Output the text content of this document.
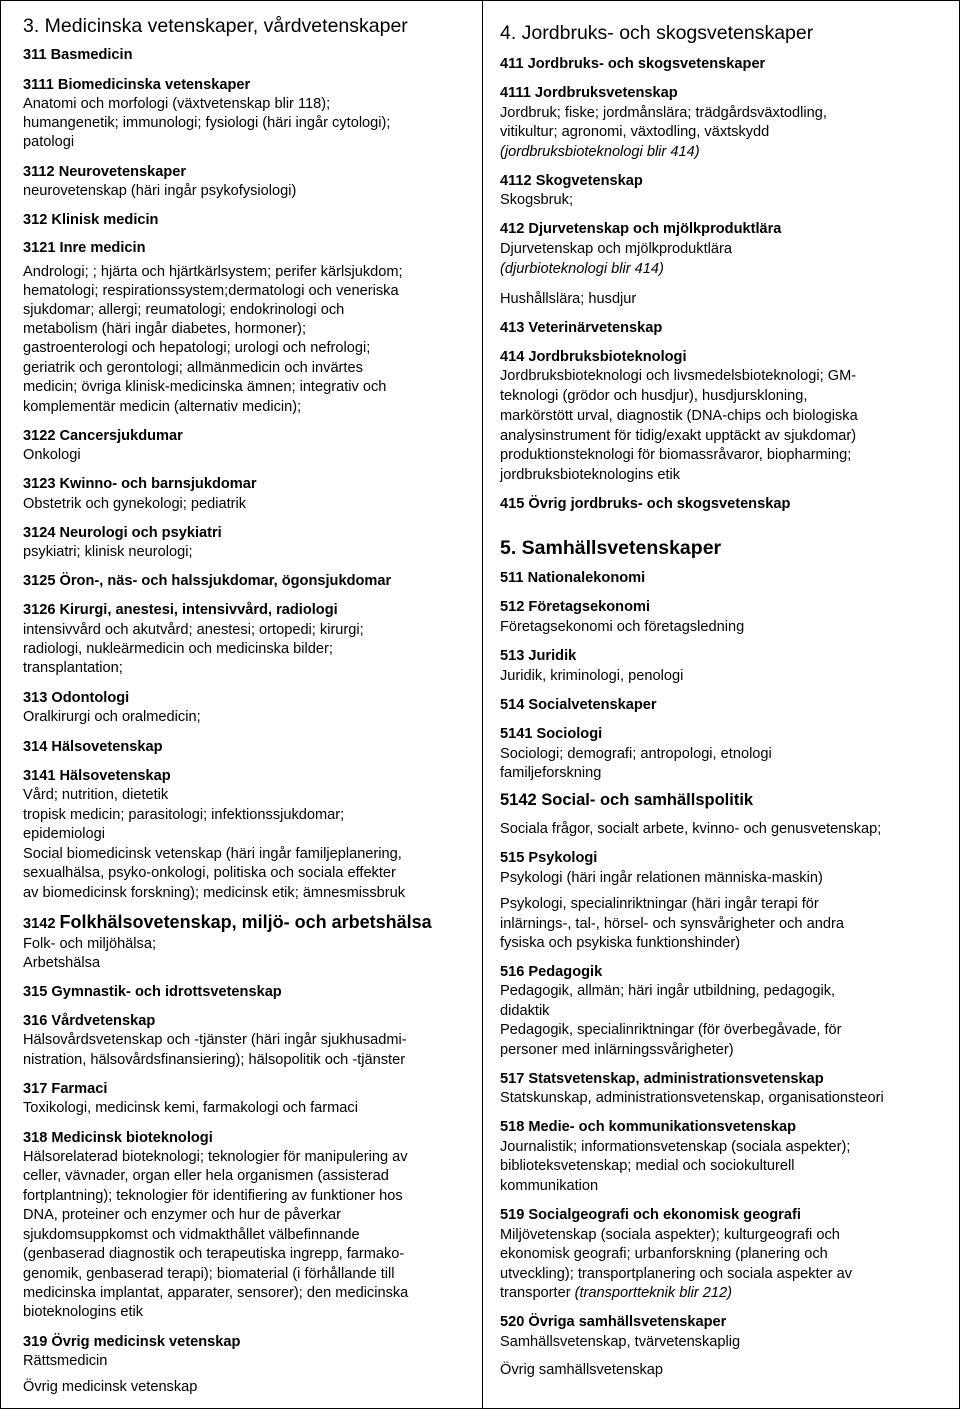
3. Medicinska vetenskaper, vårdvetenskaper
311 Basmedicin
3111 Biomedicinska vetenskaper
Anatomi och morfologi (växtvetenskap blir 118);
humangenetik; immunologi; fysiologi (häri ingår cytologi);
patologi
3112 Neurovetenskaper
neurovetenskap (häri ingår psykofysiologi)
312 Klinisk medicin
3121 Inre medicin
Andrologi; ; hjärta och hjärtkärlsystem; perifer kärlsjukdom;
hematologi; respirationssystem;dermatologi och veneriska
sjukdomar; allergi; reumatologi; endokrinologi och
metabolism (häri ingår diabetes, hormoner);
gastroenterologi och hepatologi; urologi och nefrologi;
geriatrik och gerontologi; allmänmedicin och invärtes
medicin; övriga klinisk-medicinska ämnen; integrativ och
komplementär medicin (alternativ medicin);
3122 Cancersjukdumar
Onkologi
3123 Kwinno- och barnsjukdomar
Obstetrik och gynekologi; pediatrik
3124 Neurologi och psykiatri
psykiatri; klinisk neurologi;
3125 Öron-, näs- och halssjukdomar, ögonsjukdomar
3126 Kirurgi, anestesi, intensivvård, radiologi
intensivvård och akutvård; anestesi; ortopedi; kirurgi;
radiologi, nukleärmedicin och medicinska bilder;
transplantation;
313 Odontologi
Oralkirurgi och oralmedicin;
314 Hälsovetenskap
3141 Hälsovetenskap
Vård; nutrition, dietetik
tropisk medicin; parasitologi; infektionssjukdomar;
epidemiologi
Social biomedicinsk vetenskap (häri ingår familjeplanering,
sexualhälsa, psyko-onkologi, politiska och sociala effekter
av biomedicinsk forskning); medicinsk etik; ämnesmissbruk
3142 Folkhälsovetenskap, miljö- och arbetshälsa
Folk- och miljöhälsa;
Arbetshälsa
315 Gymnastik- och idrottsvetenskap
316 Vårdvetenskap
Hälsovårdsvetenskap och -tjänster (häri ingår sjukhusadmi-
nistration, hälsovårdsfinansiering); hälsopolitik och -tjänster
317 Farmaci
Toxikologi, medicinsk kemi, farmakologi och farmaci
318 Medicinsk bioteknologi
Hälsorelaterad bioteknologi; teknologier för manipulering av
celler, vävnader, organ eller hela organismen (assisterad
fortplantning); teknologier för identifiering av funktioner hos
DNA, proteiner och enzymer och hur de påverkar
sjukdomsuppkomst och vidmakthållet välbefinnande
(genbaserad diagnostik och terapeutiska ingrepp, farmako-
genomik, genbaserad terapi); biomaterial (i förhållande till
medicinska implantat, apparater, sensorer); den medicinska
bioteknologins etik
319 Övrig medicinsk vetenskap
Rättsmedicin
Övrig medicinsk vetenskap
4. Jordbruks- och skogsvetenskaper
411 Jordbruks- och skogsvetenskaper
4111 Jordbruksvetenskap
Jordbruk; fiske; jordmånslära; trädgårdsväxtodling,
vitikultur; agronomi, växtodling, växtskydd
(jordbruksbioteknologi blir 414)
4112 Skogvetenskap
Skogsbruk;
412 Djurvetenskap och mjölkproduktlära
Djurvetenskap och mjölkproduktlära
(djurbioteknologi blir 414)
Hushållslära; husdjur
413 Veterinärvetenskap
414 Jordbruksbioteknologi
Jordbruksbioteknologi och livsmedelsbioteknologi; GM-
teknologi (grödor och husdjur), husdjurskloning,
markörstött urval, diagnostik (DNA-chips och biologiska
analysinstrument för tidig/exakt upptäckt av sjukdomar)
produktionsteknologi för biomassråvaror, biopharming;
jordbruksbioteknologins etik
415 Övrig jordbruks- och skogsvetenskap
5. Samhällsvetenskaper
511 Nationalekonomi
512 Företagsekonomi
Företagsekonomi och företagsledning
513 Juridik
Juridik, kriminologi, penologi
514 Socialvetenskaper
5141 Sociologi
Sociologi; demografi; antropologi, etnologi
familjeforskning
5142 Social- och samhällspolitik
Sociala frågor, socialt arbete, kvinno- och genusvetenskap;
515 Psykologi
Psykologi (häri ingår relationen människa-maskin)
Psykologi, specialinriktningar (häri ingår terapi för
inlärnings-, tal-, hörsel- och synsvårigheter och andra
fysiska och psykiska funktionshinder)
516 Pedagogik
Pedagogik, allmän; häri ingår utbildning, pedagogik,
didaktik
Pedagogik, specialinriktningar (för överbegåvade, för
personer med inlärningssvårigheter)
517 Statsvetenskap, administrationsvetenskap
Statskunskap, administrationsvetenskap, organisationsteori
518 Medie- och kommunikationsvetenskap
Journalistik; informationsvetenskap (sociala aspekter);
biblioteksvetenskap; medial och sociokulturell
kommunikation
519 Socialgeografi och ekonomisk geografi
Miljövetenskap (sociala aspekter); kulturgeografi och
ekonomisk geografi; urbanforskning (planering och
utveckling); transportplanering och sociala aspekter av
transporter (transportteknik blir 212)
520 Övriga samhällsvetenskaper
Samhällsvetenskap, tvärvetenskaplig
Övrig samhällsvetenskap
